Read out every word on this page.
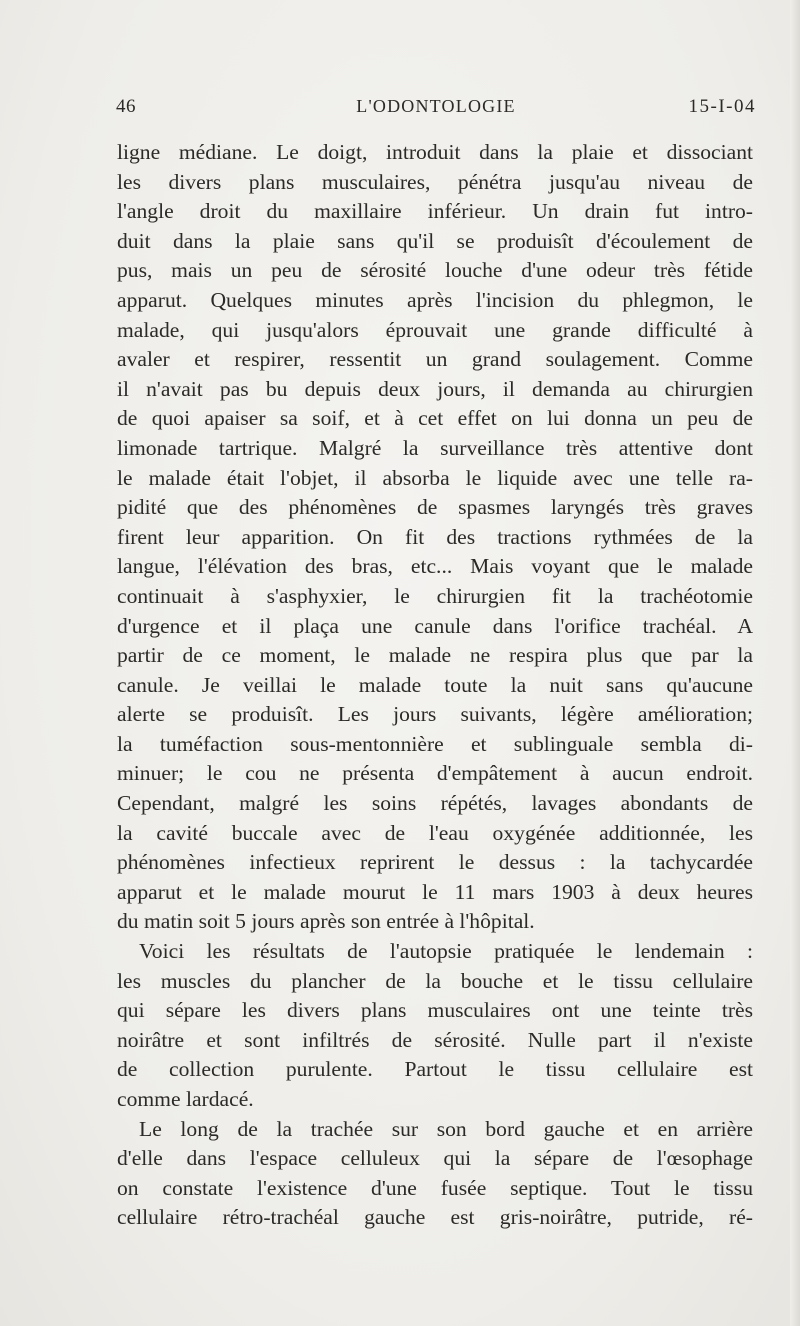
46	L'ODONTOLOGIE	15-I-04
ligne médiane. Le doigt, introduit dans la plaie et dissociant
les divers plans musculaires, pénétra jusqu'au niveau de
l'angle droit du maxillaire inférieur. Un drain fut intro-
duit dans la plaie sans qu'il se produisît d'écoulement de
pus, mais un peu de sérosité louche d'une odeur très fétide
apparut. Quelques minutes après l'incision du phlegmon, le
malade, qui jusqu'alors éprouvait une grande difficulté à
avaler et respirer, ressentit un grand soulagement. Comme
il n'avait pas bu depuis deux jours, il demanda au chirurgien
de quoi apaiser sa soif, et à cet effet on lui donna un peu de
limonade tartrique. Malgré la surveillance très attentive dont
le malade était l'objet, il absorba le liquide avec une telle ra-
pidité que des phénomènes de spasmes laryngés très graves
firent leur apparition. On fit des tractions rythmées de la
langue, l'élévation des bras, etc... Mais voyant que le malade
continuait à s'asphyxier, le chirurgien fit la trachéotomie
d'urgence et il plaça une canule dans l'orifice trachéal. A
partir de ce moment, le malade ne respira plus que par la
canule. Je veillai le malade toute la nuit sans qu'aucune
alerte se produisît. Les jours suivants, légère amélioration;
la tuméfaction sous-mentonnière et sublinguale sembla di-
minuer; le cou ne présenta d'empâtement à aucun endroit.
Cependant, malgré les soins répétés, lavages abondants de
la cavité buccale avec de l'eau oxygénée additionnée, les
phénomènes infectieux reprirent le dessus : la tachycardée
apparut et le malade mourut le 11 mars 1903 à deux heures
du matin soit 5 jours après son entrée à l'hôpital.
Voici les résultats de l'autopsie pratiquée le lendemain :
les muscles du plancher de la bouche et le tissu cellulaire
qui sépare les divers plans musculaires ont une teinte très
noirâtre et sont infiltrés de sérosité. Nulle part il n'existe
de collection purulente. Partout le tissu cellulaire est
comme lardacé.
Le long de la trachée sur son bord gauche et en arrière
d'elle dans l'espace celluleux qui la sépare de l'œsophage
on constate l'existence d'une fusée septique. Tout le tissu
cellulaire rétro-trachéal gauche est gris-noirâtre, putride, ré-
